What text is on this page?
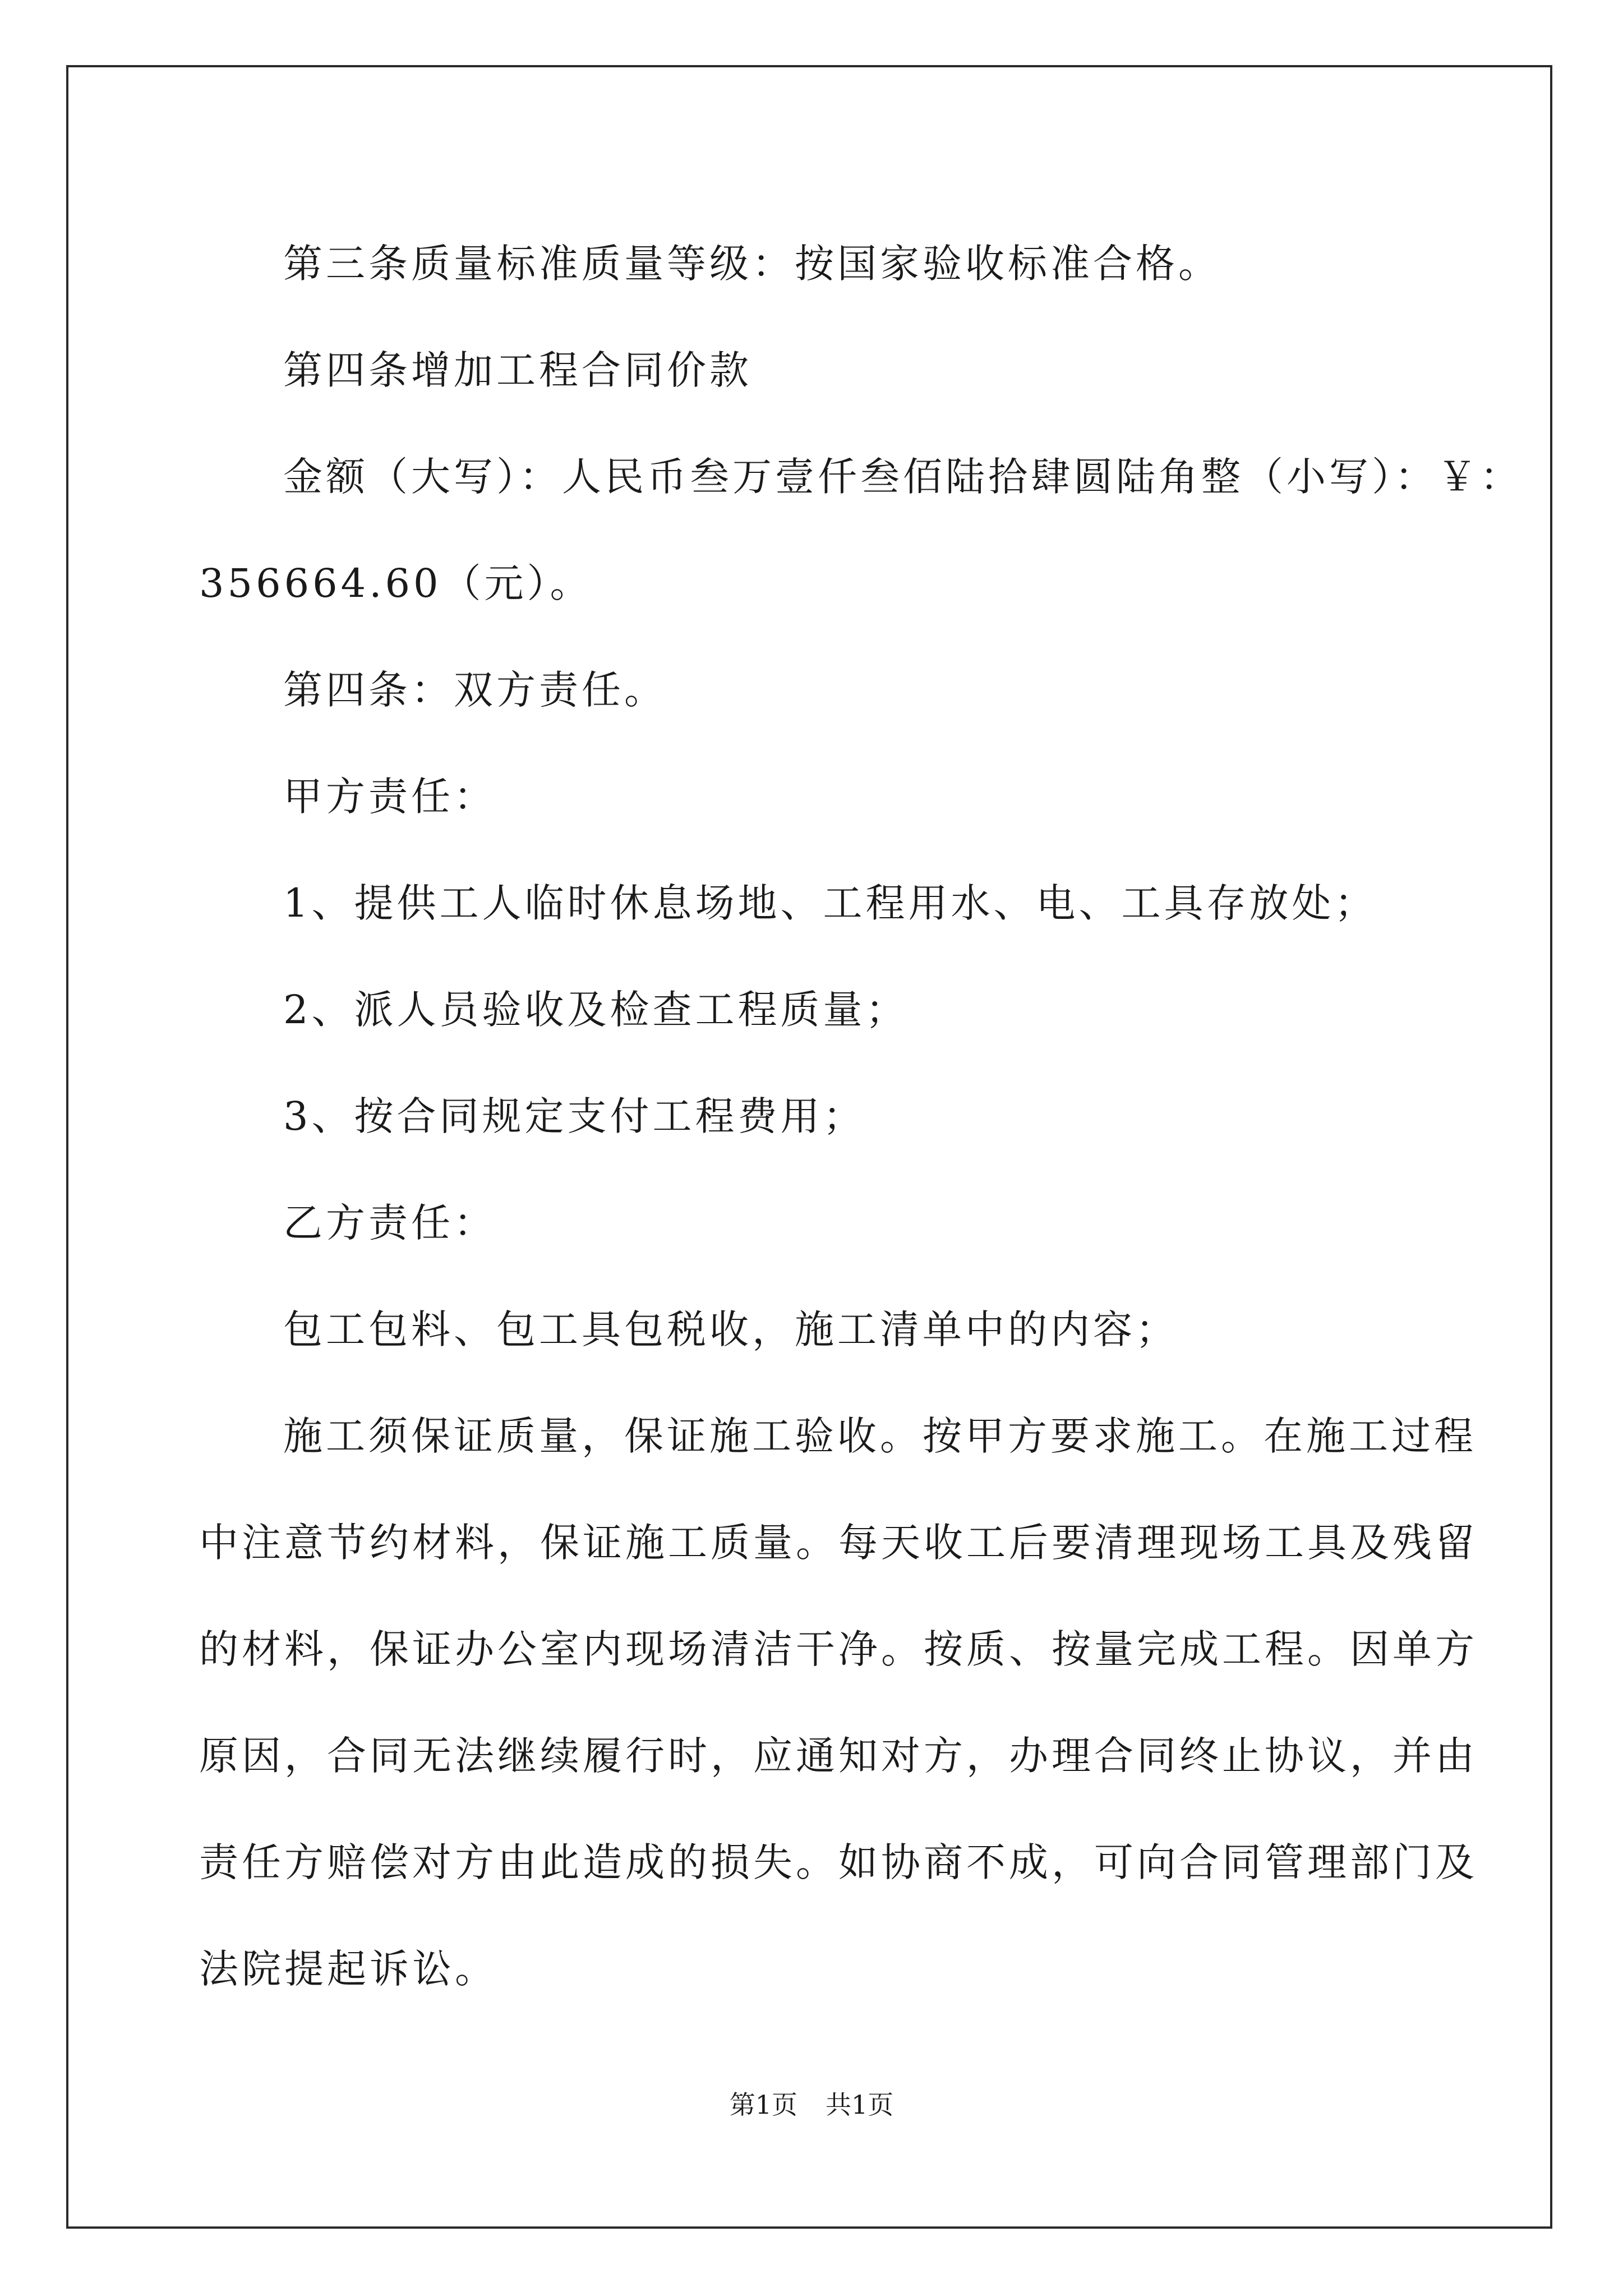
第三条质量标准质量等级：按国家验收标准合格。
第四条增加工程合同价款
金额（大写）：人民币叁万壹仟叁佰陆拾肆圆陆角整（小写）：￥：
356664.60（元）。
第四条：双方责任。
甲方责任：
1、提供工人临时休息场地、工程用水、电、工具存放处；
2、派人员验收及检查工程质量；
3、按合同规定支付工程费用；
乙方责任：
包工包料、包工具包税收，施工清单中的内容；
施工须保证质量，保证施工验收。按甲方要求施工。在施工过程
中注意节约材料，保证施工质量。每天收工后要清理现场工具及残留
的材料，保证办公室内现场清洁干净。按质、按量完成工程。因单方
原因，合同无法继续履行时，应通知对方，办理合同终止协议，并由
责任方赔偿对方由此造成的损失。如协商不成，可向合同管理部门及
法院提起诉讼。
第1页 共1页
